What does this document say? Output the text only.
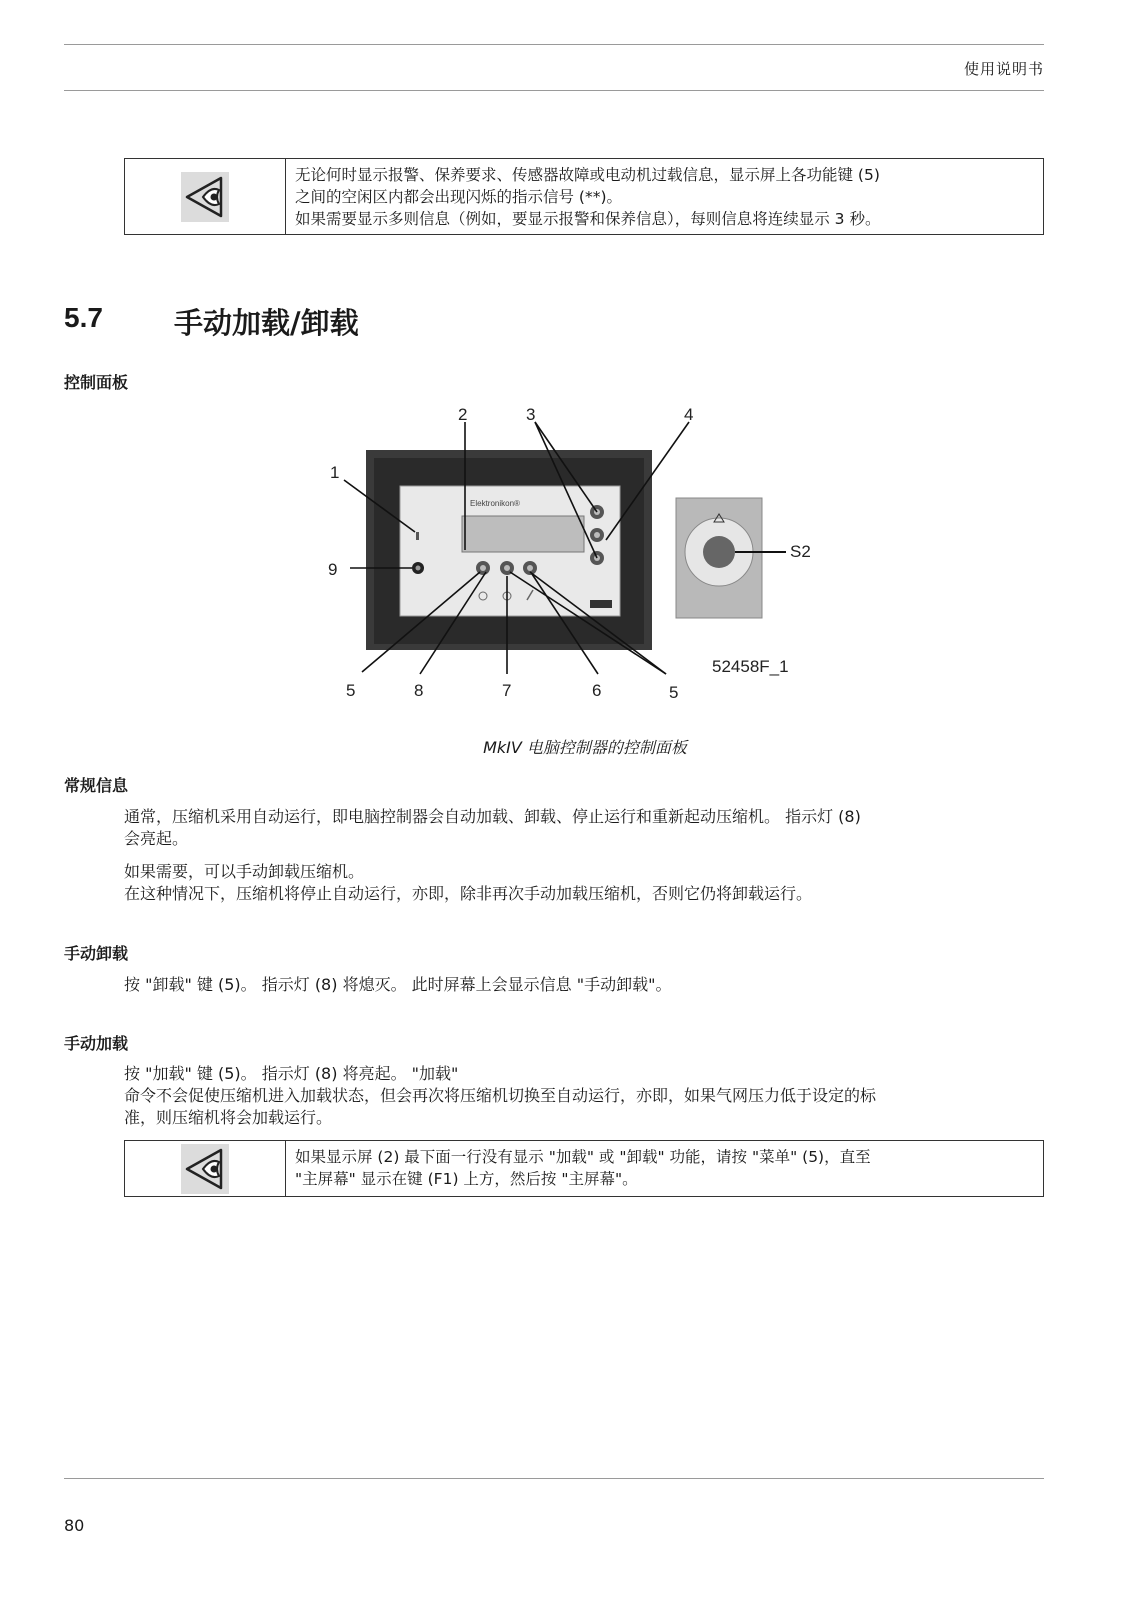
使用说明书
无论何时显示报警、保养要求、传感器故障或电动机过载信息，显示屏上各功能键 (5)
之间的空闲区内都会出现闪烁的指示信号 (**)。
如果需要显示多则信息（例如，要显示报警和保养信息），每则信息将连续显示 3 秒。
5.7 手动加载/卸载
控制面板
Elektronikon®
S2
1
2	3	4
5	6
7
8
9
5
52458F_1
MkIV 电脑控制器的控制面板
常规信息
通常，压缩机采用自动运行，即电脑控制器会自动加载、卸载、停止运行和重新起动压缩机。 指示灯 (8)
会亮起。
如果需要，可以手动卸载压缩机。
在这种情况下，压缩机将停止自动运行，亦即，除非再次手动加载压缩机，否则它仍将卸载运行。
手动卸载
按 "卸载" 键 (5)。 指示灯 (8) 将熄灭。 此时屏幕上会显示信息 "手动卸载"。
手动加载
按 "加载" 键 (5)。 指示灯 (8) 将亮起。 "加载"
命令不会促使压缩机进入加载状态，但会再次将压缩机切换至自动运行，亦即，如果气网压力低于设定的标
准，则压缩机将会加载运行。
如果显示屏 (2) 最下面一行没有显示 "加载" 或 "卸载" 功能，请按 "菜单" (5)，直至
"主屏幕" 显示在键 (F1) 上方，然后按 "主屏幕"。
80
